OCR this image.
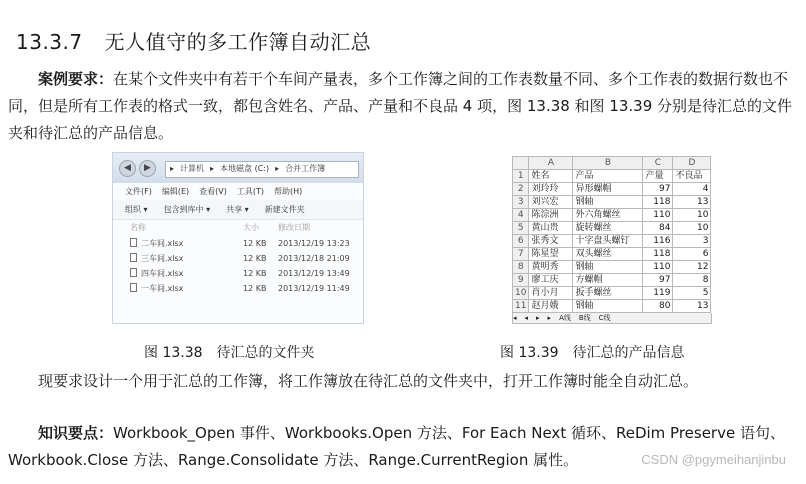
13.3.7 无人值守的多工作簿自动汇总
案例要求：在某个文件夹中有若干个车间产量表，多个工作簿之间的工作表数量不同、多个工作表的数据行数也不同，但是所有工作表的格式一致，都包含姓名、产品、产量和不良品 4 项，图 13.38 和图 13.39 分别是待汇总的文件夹和待汇总的产品信息。
◀	▶	▸ 计算机 ▸ 本地磁盘 (C:) ▸ 合并工作簿
文件(F) 编辑(E) 查看(V) 工具(T) 帮助(H)
组织 ▾ 包含到库中 ▾ 共享 ▾ 新建文件夹
名称	大小 修改日期
二车间.xlsx	12 KB 2013/12/19 13:23
三车间.xlsx	12 KB 2013/12/18 21:09
四车间.xlsx	12 KB 2013/12/19 13:49
一车间.xlsx	12 KB 2013/12/19 11:49
图 13.38　待汇总的文件夹
	A	B	C	D
1	姓名	产品	产量	不良品
2	刘玲玲	异形螺帽	97	4
3	刘兴宏	钢轴	118	13
4	陈淙洲	外六角螺丝	110	10
5	黄山贵	旋转螺丝	84	10
6	张秀文	十字盘头螺钉	116	3
7	陈星望	双头螺丝	118	6
8	黄明秀	钢轴	110	12
9	廖工庆	方螺帽	97	8
10	肖小月	扳手螺丝	119	5
11	赵月娥	钢轴	80	13
◂ ◂ ▸ ▸ A线 B线 C线
图 13.39　待汇总的产品信息
现要求设计一个用于汇总的工作簿，将工作簿放在待汇总的文件夹中，打开工作簿时能全自动汇总。
知识要点：Workbook_Open 事件、Workbooks.Open 方法、For Each Next 循环、ReDim Preserve 语句、Workbook.Close 方法、Range.Consolidate 方法、Range.CurrentRegion 属性。	CSDN @pgymeihanjinbu
